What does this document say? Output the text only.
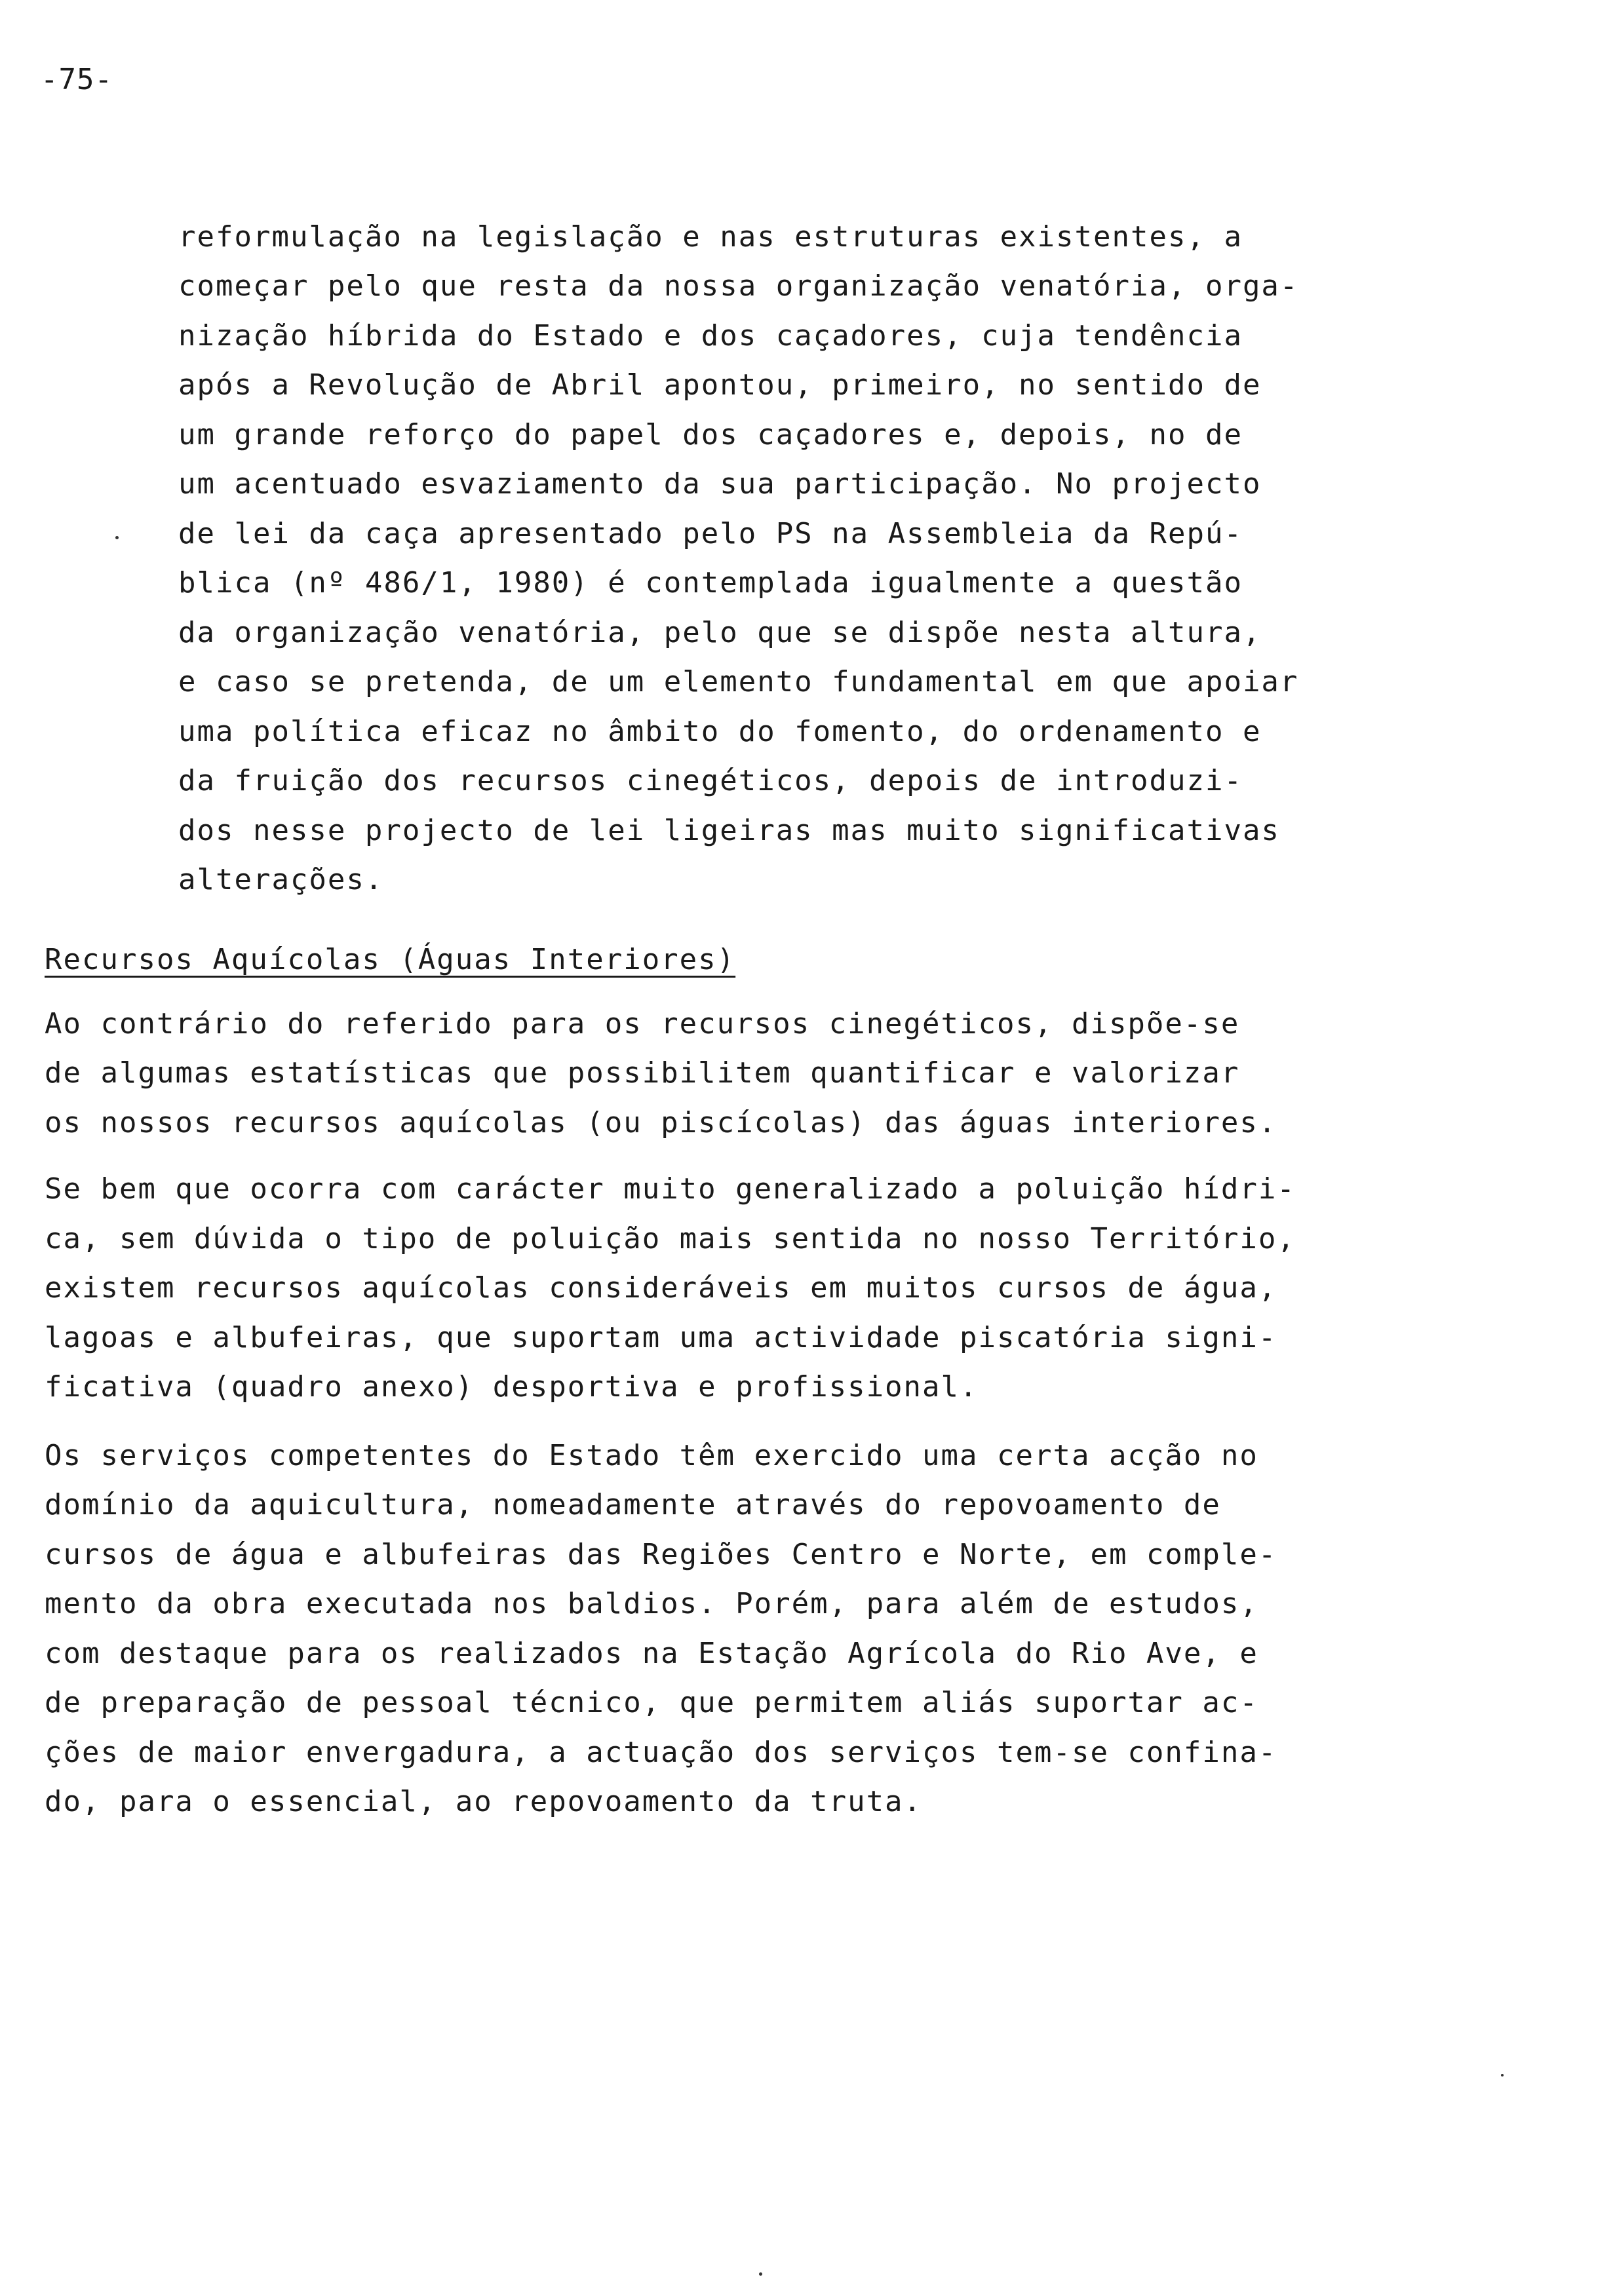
-75-
reformulação na legislação e nas estruturas existentes, a
começar pelo que resta da nossa organização venatória, orga-
nização híbrida do Estado e dos caçadores, cuja tendência
após a Revolução de Abril apontou, primeiro, no sentido de
um grande reforço do papel dos caçadores e, depois, no de
um acentuado esvaziamento da sua participação. No projecto
de lei da caça apresentado pelo PS na Assembleia da Repú-
blica (nº 486/1, 1980) é contemplada igualmente a questão
da organização venatória, pelo que se dispõe nesta altura,
e caso se pretenda, de um elemento fundamental em que apoiar
uma política eficaz no âmbito do fomento, do ordenamento e
da fruição dos recursos cinegéticos, depois de introduzi-
dos nesse projecto de lei ligeiras mas muito significativas
alterações.
Recursos Aquícolas (Águas Interiores)
Ao contrário do referido para os recursos cinegéticos, dispõe-se
de algumas estatísticas que possibilitem quantificar e valorizar
os nossos recursos aquícolas (ou piscícolas) das águas interiores.
Se bem que ocorra com carácter muito generalizado a poluição hídri-
ca, sem dúvida o tipo de poluição mais sentida no nosso Território,
existem recursos aquícolas consideráveis em muitos cursos de água,
lagoas e albufeiras, que suportam uma actividade piscatória signi-
ficativa (quadro anexo) desportiva e profissional.
Os serviços competentes do Estado têm exercido uma certa acção no
domínio da aquicultura, nomeadamente através do repovoamento de
cursos de água e albufeiras das Regiões Centro e Norte, em comple-
mento da obra executada nos baldios. Porém, para além de estudos,
com destaque para os realizados na Estação Agrícola do Rio Ave, e
de preparação de pessoal técnico, que permitem aliás suportar ac-
ções de maior envergadura, a actuação dos serviços tem-se confina-
do, para o essencial, ao repovoamento da truta.
